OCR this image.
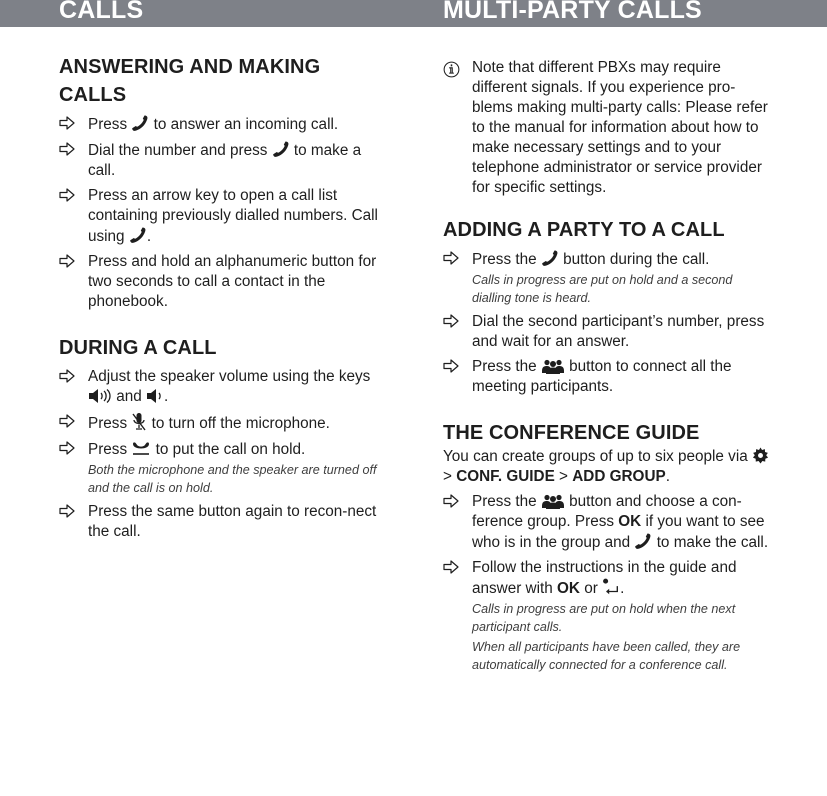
CALLS	MULTI-PARTY CALLS
ANSWERING AND MAKING CALLS
Press to answer an incoming call.
Dial the number and press to make a call.
Press an arrow key to open a call list containing previously dialled numbers. Call using .
Press and hold an alphanumeric button for two seconds to call a contact in the phonebook.
DURING A CALL
Adjust the speaker volume using the keys  and .
Press to turn off the microphone.
Press to put the call on hold.
Both the microphone and the speaker are turned off and the call is on hold.
Press the same button again to recon-nect the call.
Note that different PBXs may require different signals. If you experience pro-blems making multi-party calls: Please refer to the manual for information about how to make necessary settings and to your telephone administrator or service provider for specific settings.
ADDING A PARTY TO A CALL
Press the button during the call.
Calls in progress are put on hold and a second dialling tone is heard.
Dial the second participant’s number, press and wait for an answer.
Press the button to connect all the meeting participants.
THE CONFERENCE GUIDE
You can create groups of up to six people via  > CONF. GUIDE > ADD GROUP.
Press the button and choose a con-ference group. Press OK if you want to see who is in the group and to make the call.
Follow the instructions in the guide and answer with OK or .
Calls in progress are put on hold when the next participant calls.
When all participants have been called, they are automatically connected for a conference call.
